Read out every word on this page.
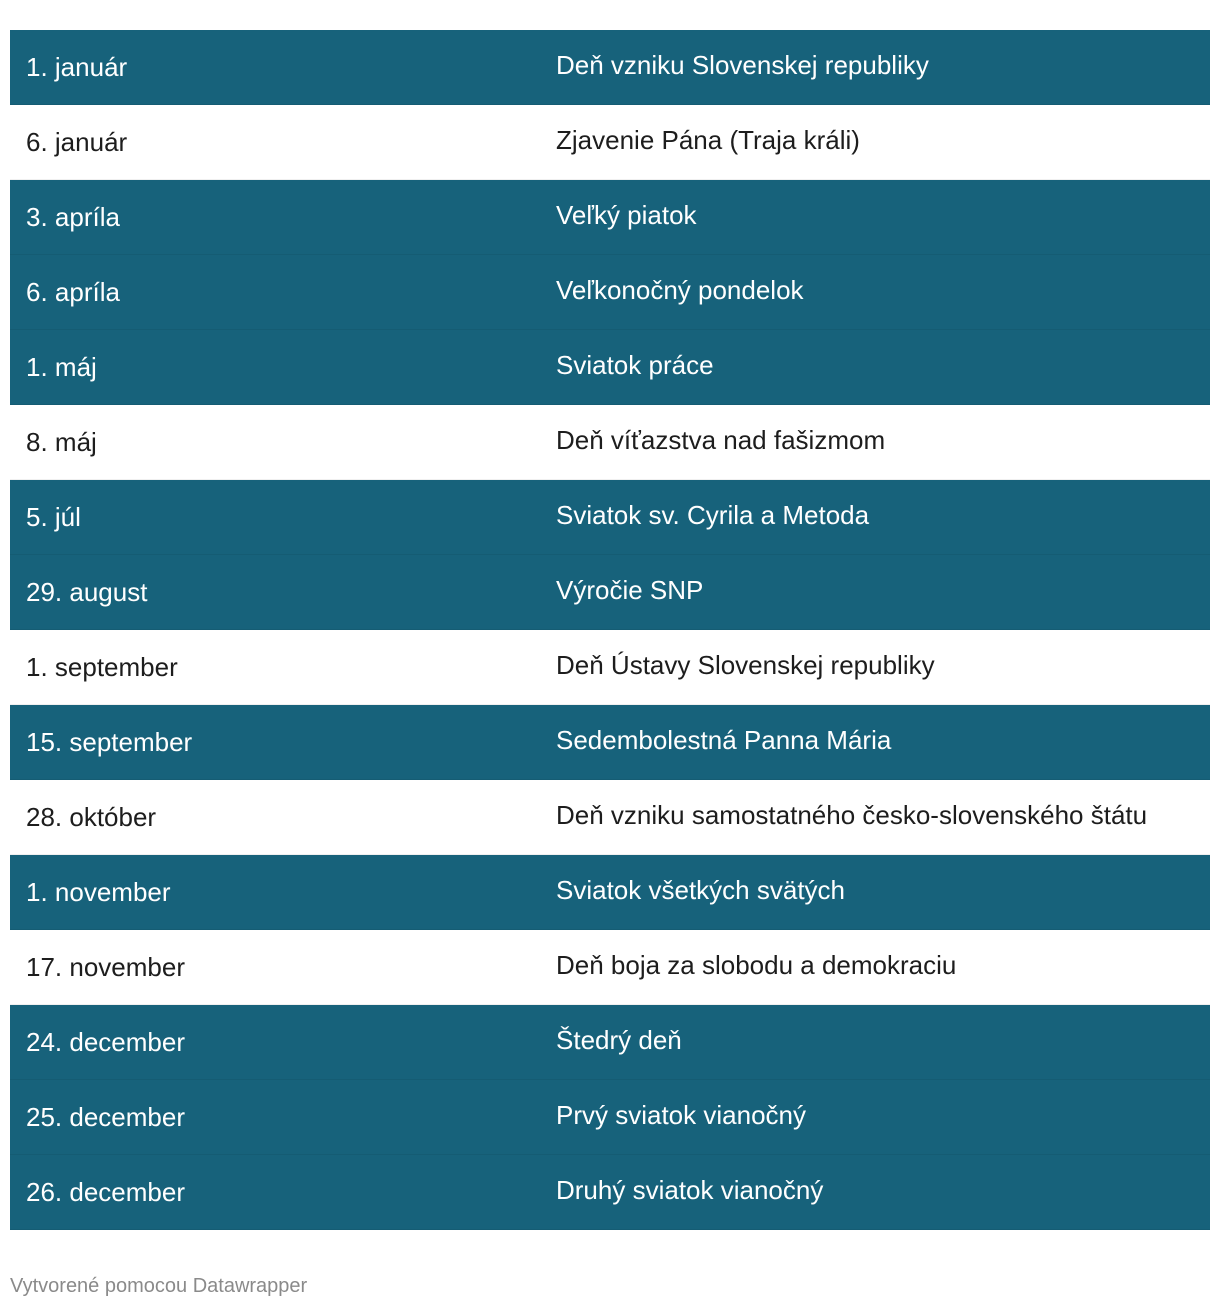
1. január	Deň vzniku Slovenskej republiky
6. január	Zjavenie Pána (Traja králi)
3. apríla	Veľký piatok
6. apríla	Veľkonočný pondelok
1. máj	Sviatok práce
8. máj	Deň víťazstva nad fašizmom
5. júl	Sviatok sv. Cyrila a Metoda
29. august	Výročie SNP
1. september	Deň Ústavy Slovenskej republiky
15. september	Sedembolestná Panna Mária
28. október	Deň vzniku samostatného česko-slovenského štátu
1. november	Sviatok všetkých svätých
17. november	Deň boja za slobodu a demokraciu
24. december	Štedrý deň
25. december	Prvý sviatok vianočný
26. december	Druhý sviatok vianočný
Vytvorené pomocou Datawrapper
